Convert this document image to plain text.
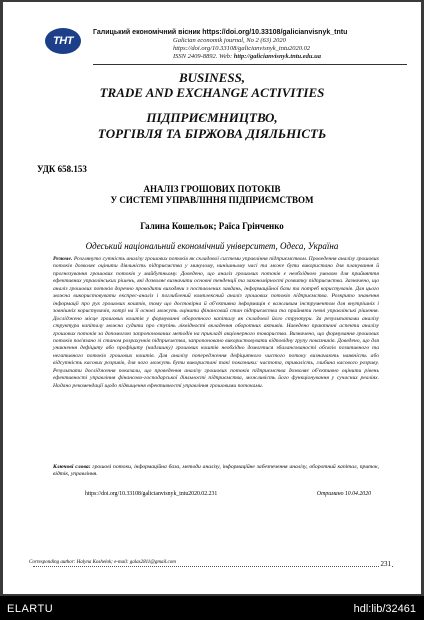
ТНТ
Галицький економічний вісник https://doi.org/10.33108/galicianvisnyk_tntu
Galician economik journal, No 2 (63) 2020
https://doi.org/10.33108/galicianvisnyk_tntu2020.02
ISSN 2409-8892. Web: http://galicianvisnyk.tntu.edu.ua
BUSINESS,
TRADE AND EXCHANGE ACTIVITIES
ПІДПРИЄМНИЦТВО,
ТОРГІВЛЯ ТА БІРЖОВА ДІЯЛЬНІСТЬ
УДК 658.153
АНАЛІЗ ГРОШОВИХ ПОТОКІВ
У СИСТЕМІ УПРАВЛІННЯ ПІДПРИЄМСТВОМ
Галина Кошельок; Раїса Грінченко
Одеський національний економічний університет, Одеса, Україна
Резюме. Розглянуто сутність аналізу грошових потоків як складової системи управління підприємством. Проведення аналізу грошових потоків дозволяє оцінити діяльність підприємства у минулому, нинішньому часі та може бути використано для планування й прогнозування грошових потоків у майбутньому. Доведено, що аналіз грошових потоків є необхідною умовою для прийняття ефективних управлінських рішень, які дозволяє визначити основні тенденції та закономірності розвитку підприємства. Зазначено, що аналіз грошових потоків доречно проводити виходячи з поставлених завдань, інформаційної бази та потреб користувачів. Для цього можна використовувати експрес-аналіз і поглиблений комплексний аналіз грошових потоків підприємства. Розкрито значення інформації про рух грошових коштів, тому що достовірна й об'єктивна інформація є важливим інструментом для внутрішніх і зовнішніх користувачів, котрі на її основі можуть оцінити фінансовий стан підприємства та прийняти певні управлінські рішення. Досліджено місце грошових коштів у формуванні оборотного капіталу як складової його структури. За результатами аналізу структури капіталу можна судити про ступінь ліквідності вкладення оборотних активів. Наведено практичні аспекти аналізу грошових потоків за допомогою запропонованих методів на прикладі акціонерного товариства. Визначено, що формування грошових потоків пов'язано зі станом розрахунків підприємства, запропоновано використовувати відповідну групу показників. Доведено, що для уникнення дефіциту або профіциту (надлишку) грошових коштів необхідно домогтися збалансованості обсягів позитивного та негативного потоків грошових коштів. Для аналізу попередження дефіцитного чистого потоку визначають наявність або відсутність касових розривів, для чого можуть бути використані такі показники: частота, тривалість, глибина касового розриву. Результати дослідження показали, що проведення аналізу грошових потоків підприємства дозволяє об'єктивно оцінити рівень ефективності управління фінансово-господарської діяльності підприємства, можливість його функціонування у сучасних реаліях. Надано рекомендації щодо підвищення ефективності управління грошовими потоками.
Ключові слова: грошові потоки, інформаційна база, методи аналізу, інформаційне забезпечення аналізу, оборотний капітал, приток, відтік, управління.
https://doi.org/10.33108/galicianvisnyk_tntu2020.02.231	Отримано 10.04.2020
Corresponding author: Halyna Koshelok; e-mail: galas2811@gmail.com	231
ELARTU	hdl:lib/32461
